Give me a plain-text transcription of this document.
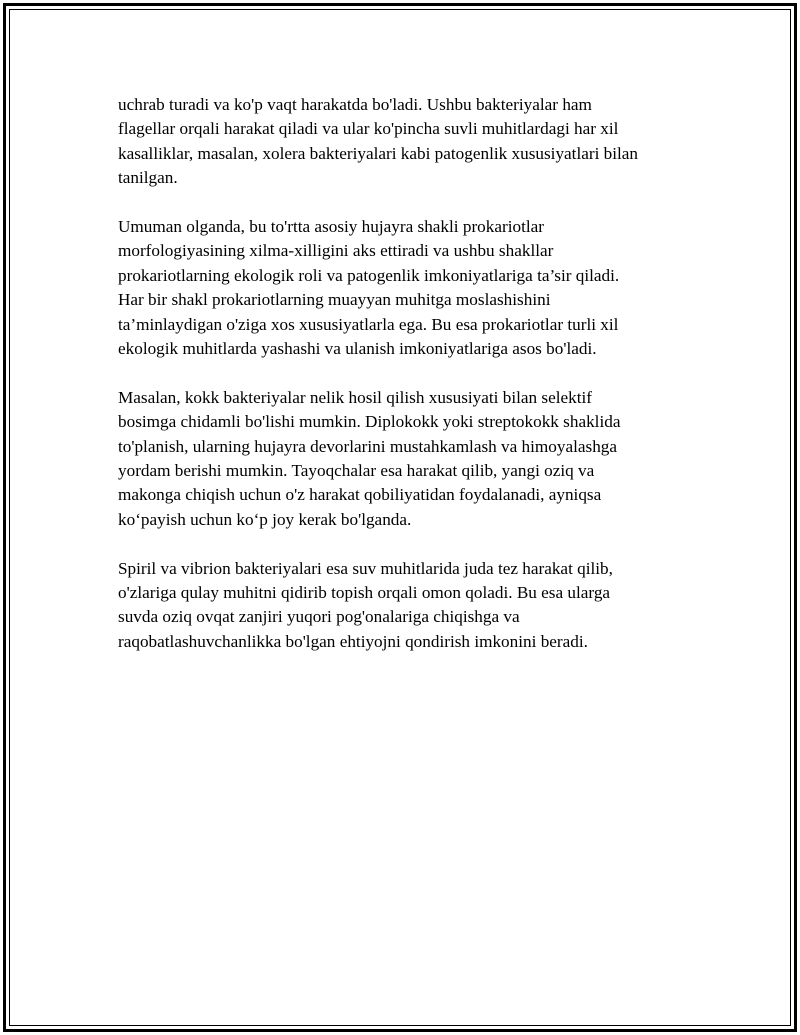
uchrab turadi va ko'p vaqt harakatda bo'ladi. Ushbu bakteriyalar ham
flagellar orqali harakat qiladi va ular ko'pincha suvli muhitlardagi har xil
kasalliklar, masalan, xolera bakteriyalari kabi patogenlik xususiyatlari bilan
tanilgan.
Umuman olganda, bu to'rtta asosiy hujayra shakli prokariotlar
morfologiyasining xilma-xilligini aks ettiradi va ushbu shakllar
prokariotlarning ekologik roli va patogenlik imkoniyatlariga ta’sir qiladi.
Har bir shakl prokariotlarning muayyan muhitga moslashishini
ta’minlaydigan o'ziga xos xususiyatlarla ega. Bu esa prokariotlar turli xil
ekologik muhitlarda yashashi va ulanish imkoniyatlariga asos bo'ladi.
Masalan, kokk bakteriyalar nelik hosil qilish xususiyati bilan selektif
bosimga chidamli bo'lishi mumkin. Diplokokk yoki streptokokk shaklida
to'planish, ularning hujayra devorlarini mustahkamlash va himoyalashga
yordam berishi mumkin. Tayoqchalar esa harakat qilib, yangi oziq va
makonga chiqish uchun o'z harakat qobiliyatidan foydalanadi, ayniqsa
ko‘payish uchun ko‘p joy kerak bo'lganda.
Spiril va vibrion bakteriyalari esa suv muhitlarida juda tez harakat qilib,
o'zlariga qulay muhitni qidirib topish orqali omon qoladi. Bu esa ularga
suvda oziq ovqat zanjiri yuqori pog'onalariga chiqishga va
raqobatlashuvchanlikka bo'lgan ehtiyojni qondirish imkonini beradi.
